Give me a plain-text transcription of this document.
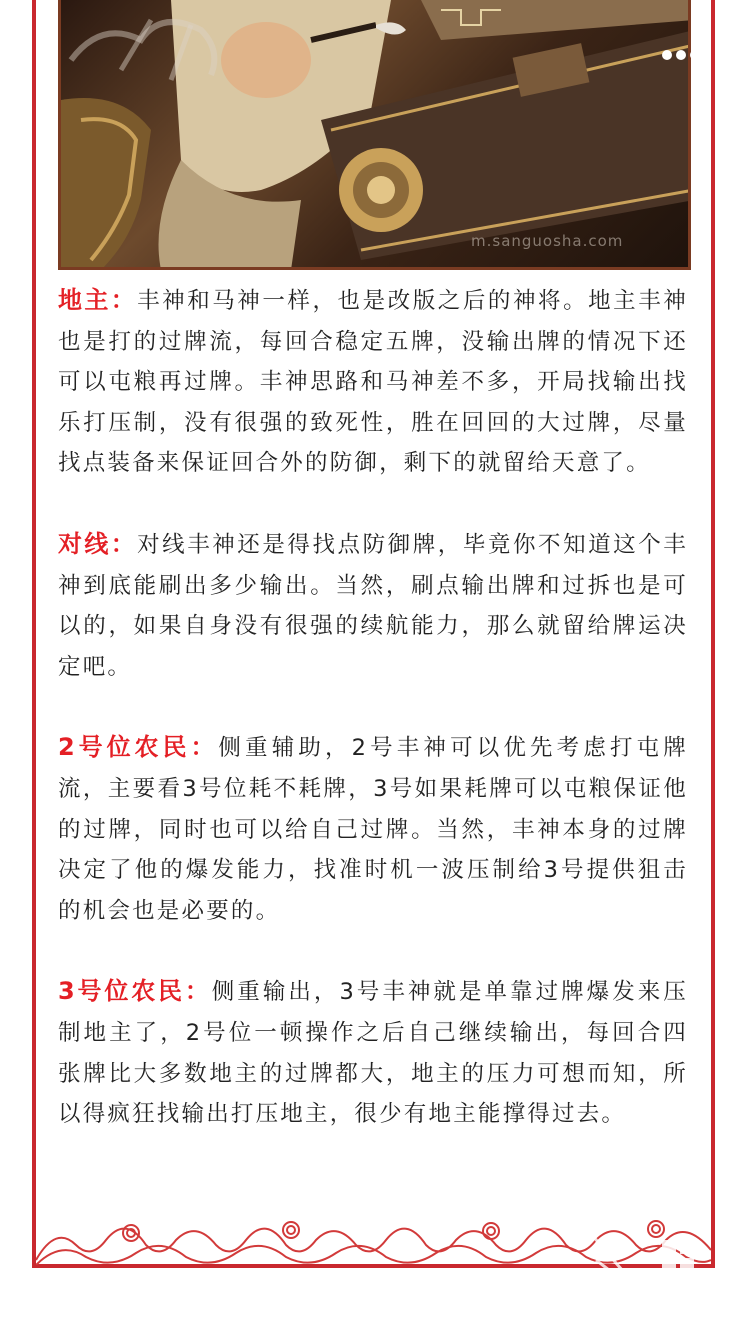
m.sanguosha.com

地主：丰神和马神一样，也是改版之后的神将。地主丰神也是打的过牌流，每回合稳定五牌，没输出牌的情况下还可以屯粮再过牌。丰神思路和马神差不多，开局找输出找乐打压制，没有很强的致死性，胜在回回的大过牌，尽量找点装备来保证回合外的防御，剩下的就留给天意了。

对线：对线丰神还是得找点防御牌，毕竟你不知道这个丰神到底能刷出多少输出。当然，刷点输出牌和过拆也是可以的，如果自身没有很强的续航能力，那么就留给牌运决定吧。

2号位农民：侧重辅助，2号丰神可以优先考虑打屯牌流，主要看3号位耗不耗牌，3号如果耗牌可以屯粮保证他的过牌，同时也可以给自己过牌。当然，丰神本身的过牌决定了他的爆发能力，找准时机一波压制给3号提供狙击的机会也是必要的。

3号位农民：侧重输出，3号丰神就是单靠过牌爆发来压制地主了，2号位一顿操作之后自己继续输出，每回合四张牌比大多数地主的过牌都大，地主的压力可想而知，所以得疯狂找输出打压地主，很少有地主能撑得过去。
